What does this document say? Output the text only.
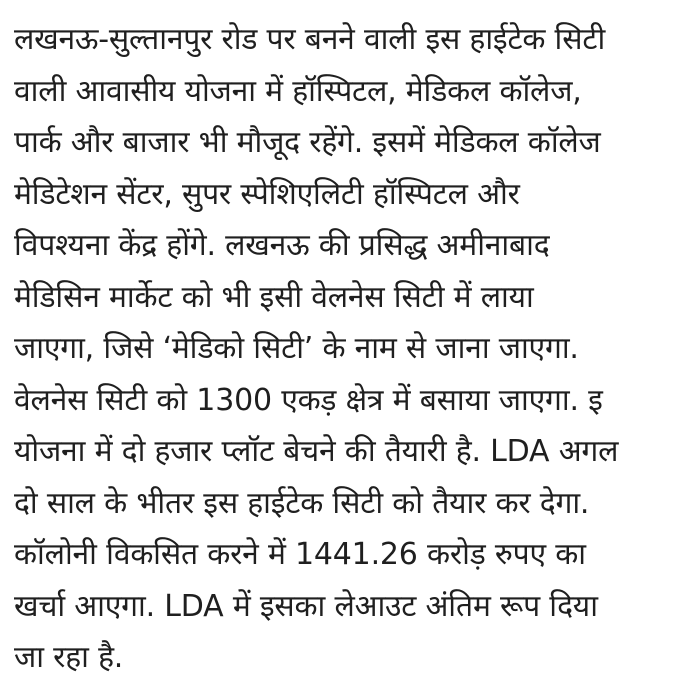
लखनऊ-सुल्तानपुर रोड पर बनने वाली इस हाईटेक सिटी
वाली आवासीय योजना में हॉस्पिटल, मेडिकल कॉलेज,
पार्क और बाजार भी मौजूद रहेंगे. इसमें मेडिकल कॉलेज
मेडिटेशन सेंटर, सुपर स्पेशिएलिटी हॉस्पिटल और
विपश्यना केंद्र होंगे. लखनऊ की प्रसिद्ध अमीनाबाद
मेडिसिन मार्केट को भी इसी वेलनेस सिटी में लाया
जाएगा, जिसे ‘मेडिको सिटी’ के नाम से जाना जाएगा.
वेलनेस सिटी को 1300 एकड़ क्षेत्र में बसाया जाएगा. इ
योजना में दो हजार प्लॉट बेचने की तैयारी है. LDA अगल
दो साल के भीतर इस हाईटेक सिटी को तैयार कर देगा.
कॉलोनी विकसित करने में 1441.26 करोड़ रुपए का
खर्चा आएगा. LDA में इसका लेआउट अंतिम रूप दिया
जा रहा है.
